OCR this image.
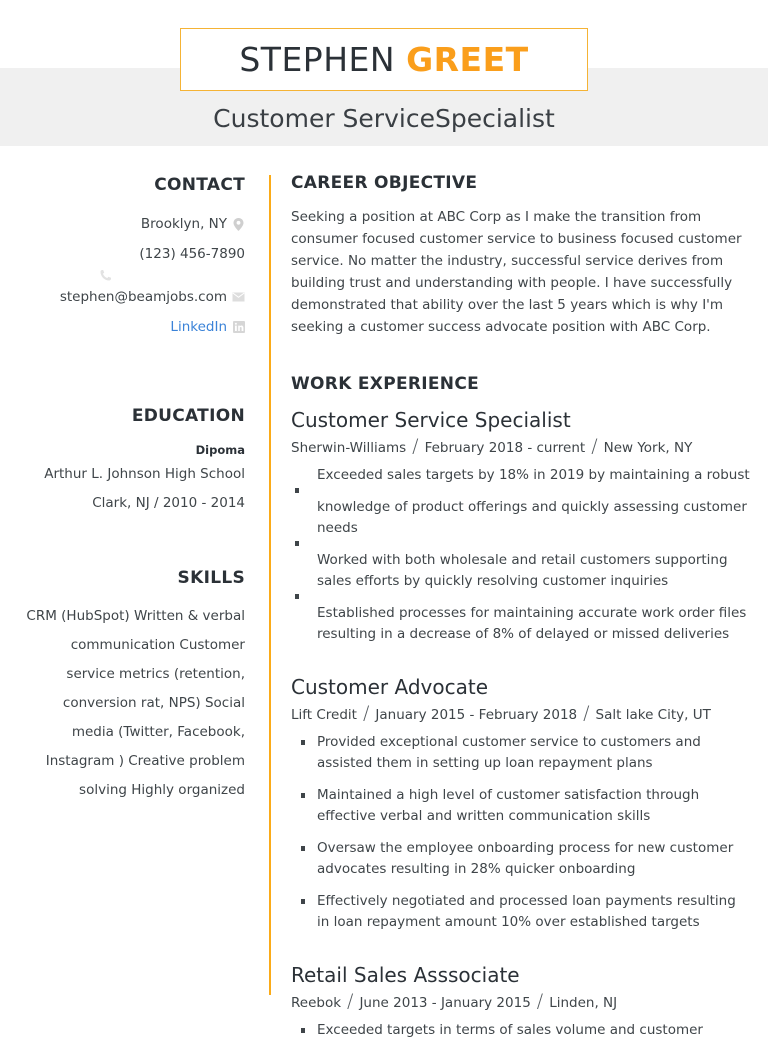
STEPHEN GREET
Customer ServiceSpecialist
CONTACT
Brooklyn, NY
(123) 456-7890
stephen@beamjobs.com
LinkedIn
EDUCATION
Dipoma
Arthur L. Johnson High School Clark, NJ / 2010 - 2014
SKILLS
CRM (HubSpot) Written & verbal communication Customer service metrics (retention, conversion rat, NPS) Social media (Twitter, Facebook, Instagram ) Creative problem solving Highly organized
CAREER OBJECTIVE
Seeking a position at ABC Corp as I make the transition from consumer focused customer service to business focused customer service. No matter the industry, successful service derives from building trust and understanding with people. I have successfully demonstrated that ability over the last 5 years which is why I'm seeking a customer success advocate position with ABC Corp.
WORK EXPERIENCE
Customer Service Specialist
Sherwin-Williams / February 2018 - current / New York, NY
Exceeded sales targets by 18% in 2019 by maintaining a robust
knowledge of product offerings and quickly assessing customer needs
Worked with both wholesale and retail customers supporting sales efforts by quickly resolving customer inquiries
Established processes for maintaining accurate work order files resulting in a decrease of 8% of delayed or missed deliveries
Customer Advocate
Lift Credit / January 2015 - February 2018 / Salt lake City, UT
Provided exceptional customer service to customers and assisted them in setting up loan repayment plans
Maintained a high level of customer satisfaction through effective verbal and written communication skills
Oversaw the employee onboarding process for new customer advocates resulting in 28% quicker onboarding
Effectively negotiated and processed loan payments resulting in loan repayment amount 10% over established targets
Retail Sales Asssociate
Reebok / June 2013 - January 2015 / Linden, NJ
Exceeded targets in terms of sales volume and customer
